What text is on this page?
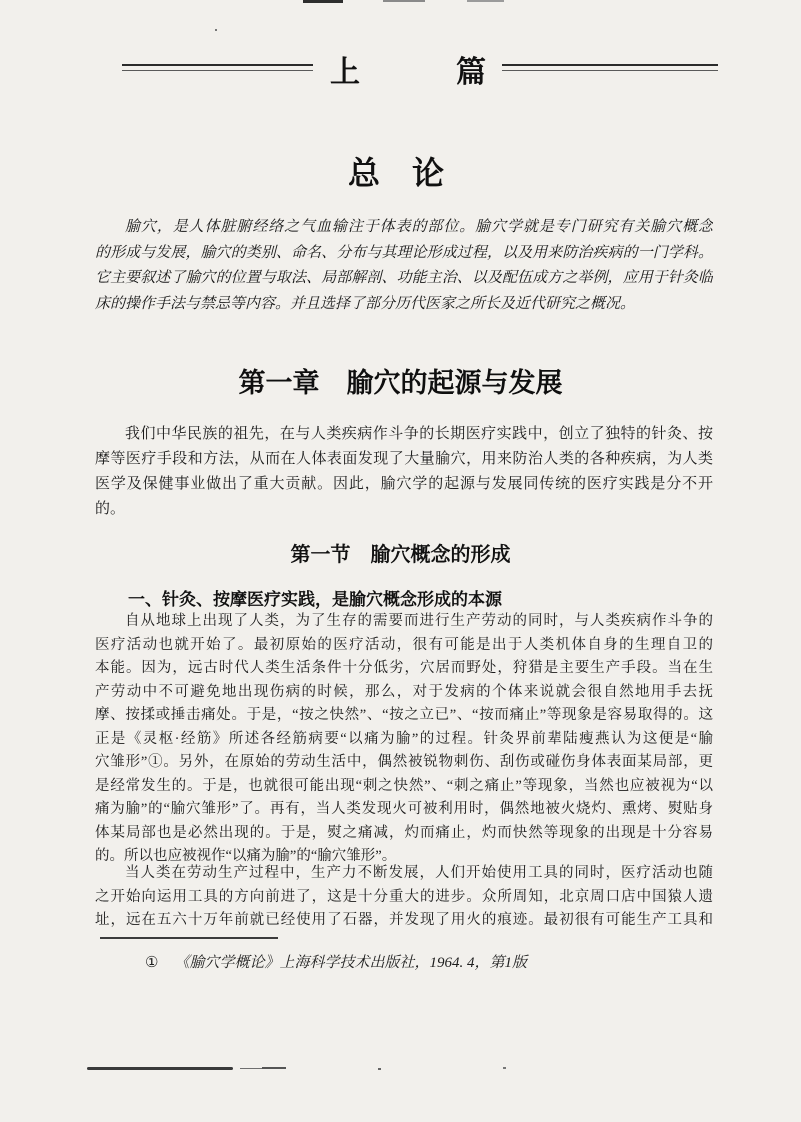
上篇
总论
腧穴，是人体脏腑经络之气血输注于体表的部位。腧穴学就是专门研究有关腧穴概念
的形成与发展，腧穴的类别、命名、分布与其理论形成过程，以及用来防治疾病的一门学科。
它主要叙述了腧穴的位置与取法、局部解剖、功能主治、以及配伍成方之举例，应用于针灸临
床的操作手法与禁忌等内容。并且选择了部分历代医家之所长及近代研究之概况。
第一章　腧穴的起源与发展
我们中华民族的祖先，在与人类疾病作斗争的长期医疗实践中，创立了独特的针灸、按
摩等医疗手段和方法，从而在人体表面发现了大量腧穴，用来防治人类的各种疾病，为人类
医学及保健事业做出了重大贡献。因此，腧穴学的起源与发展同传统的医疗实践是分不开
的。
第一节　腧穴概念的形成
一、针灸、按摩医疗实践，是腧穴概念形成的本源
自从地球上出现了人类，为了生存的需要而进行生产劳动的同时，与人类疾病作斗争的
医疗活动也就开始了。最初原始的医疗活动，很有可能是出于人类机体自身的生理自卫的
本能。因为，远古时代人类生活条件十分低劣，穴居而野处，狩猎是主要生产手段。当在生
产劳动中不可避免地出现伤病的时候，那么，对于发病的个体来说就会很自然地用手去抚
摩、按揉或捶击痛处。于是，“按之快然”、“按之立已”、“按而痛止”等现象是容易取得的。这
正是《灵枢·经筋》所述各经筋病要“以痛为腧”的过程。针灸界前辈陆瘦燕认为这便是“腧
穴雏形”①。另外，在原始的劳动生活中，偶然被锐物刺伤、刮伤或碰伤身体表面某局部，更
是经常发生的。于是，也就很可能出现“刺之快然”、“刺之痛止”等现象，当然也应被视为“以
痛为腧”的“腧穴雏形”了。再有，当人类发现火可被利用时，偶然地被火烧灼、熏烤、熨贴身
体某局部也是必然出现的。于是，熨之痛减，灼而痛止，灼而快然等现象的出现是十分容易
的。所以也应被视作“以痛为腧”的“腧穴雏形”。
当人类在劳动生产过程中，生产力不断发展，人们开始使用工具的同时，医疗活动也随
之开始向运用工具的方向前进了，这是十分重大的进步。众所周知，北京周口店中国猿人遗
址，远在五六十万年前就已经使用了石器，并发现了用火的痕迹。最初很有可能生产工具和
① 《腧穴学概论》上海科学技术出版社，1964. 4，第1版
